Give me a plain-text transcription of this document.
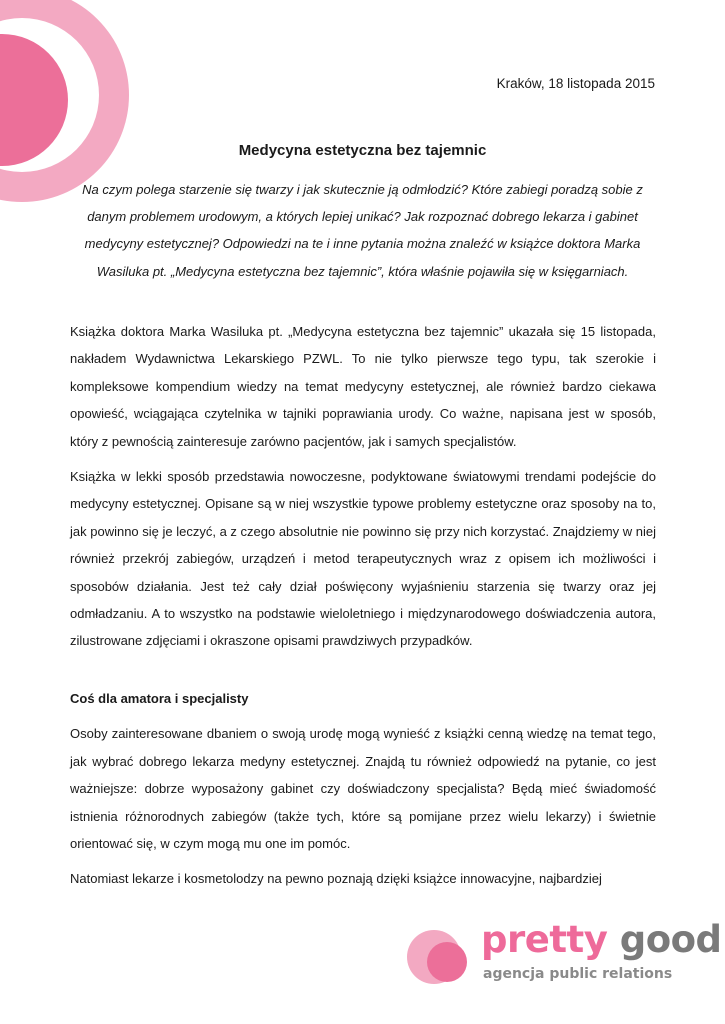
Kraków, 18 listopada 2015
Medycyna estetyczna bez tajemnic
Na czym polega starzenie się twarzy i jak skutecznie ją odmłodzić? Które zabiegi poradzą sobie z danym problemem urodowym, a których lepiej unikać? Jak rozpoznać dobrego lekarza i gabinet medycyny estetycznej? Odpowiedzi na te i inne pytania można znaleźć w książce doktora Marka Wasiluka pt. „Medycyna estetyczna bez tajemnic”, która właśnie pojawiła się w księgarniach.

Książka doktora Marka Wasiluka pt. „Medycyna estetyczna bez tajemnic” ukazała się 15 listopada, nakładem Wydawnictwa Lekarskiego PZWL. To nie tylko pierwsze tego typu, tak szerokie i kompleksowe kompendium wiedzy na temat medycyny estetycznej, ale również bardzo ciekawa opowieść, wciągająca czytelnika w tajniki poprawiania urody. Co ważne, napisana jest w sposób, który z pewnością zainteresuje zarówno pacjentów, jak i samych specjalistów.

Książka w lekki sposób przedstawia nowoczesne, podyktowane światowymi trendami podejście do medycyny estetycznej. Opisane są w niej wszystkie typowe problemy estetyczne oraz sposoby na to, jak powinno się je leczyć, a z czego absolutnie nie powinno się przy nich korzystać. Znajdziemy w niej również przekrój zabiegów, urządzeń i metod terapeutycznych wraz z opisem ich możliwości i sposobów działania. Jest też cały dział poświęcony wyjaśnieniu starzenia się twarzy oraz jej odmładzaniu. A to wszystko na podstawie wieloletniego i międzynarodowego doświadczenia autora, zilustrowane zdjęciami i okraszone opisami prawdziwych przypadków.

Coś dla amatora i specjalisty

Osoby zainteresowane dbaniem o swoją urodę mogą wynieść z książki cenną wiedzę na temat tego, jak wybrać dobrego lekarza medyny estetycznej. Znajdą tu również odpowiedź na pytanie, co jest ważniejsze: dobrze wyposażony gabinet czy doświadczony specjalista? Będą mieć świadomość istnienia różnorodnych zabiegów (także tych, które są pomijane przez wielu lekarzy) i świetnie orientować się, w czym mogą mu one im pomóc.

Natomiast lekarze i kosmetolodzy na pewno poznają dzięki książce innowacyjne, najbardziej

pretty good
agencja public relations
